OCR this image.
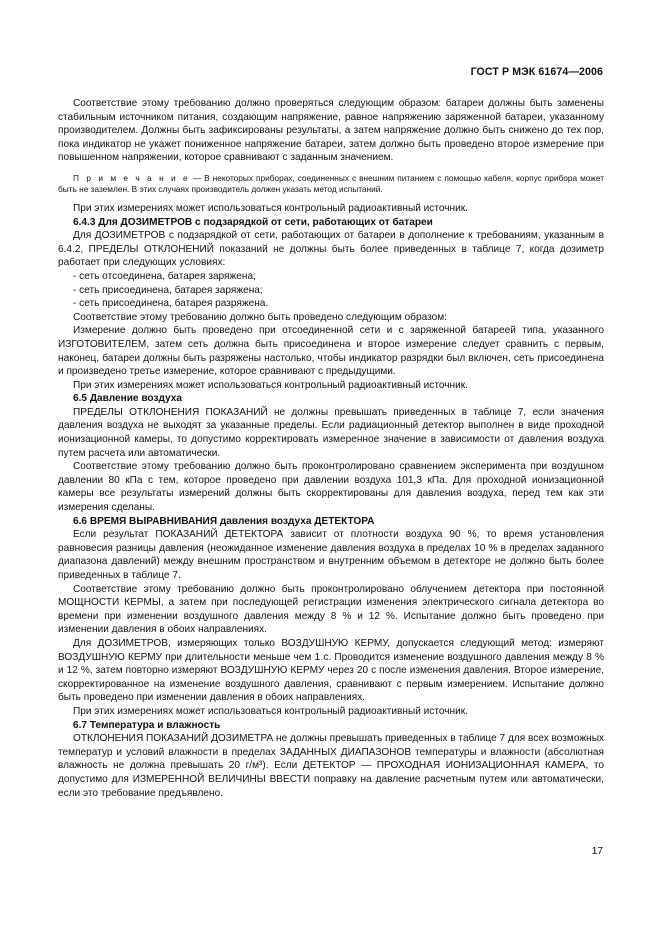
ГОСТ Р МЭК 61674—2006

Соответствие этому требованию должно проверяться следующим образом: батареи должны быть заменены стабильным источником питания, создающим напряжение, равное напряжению заряженной батареи, указанному производителем. Должны быть зафиксированы результаты, а затем напряжение должно быть снижено до тех пор, пока индикатор не укажет пониженное напряжение батареи, затем должно быть проведено второе измерение при повышенном напряжении, которое сравнивают с заданным значением.

П р и м е ч а н и е — В некоторых приборах, соединенных с внешним питанием с помощью кабеля, корпус прибора может быть не заземлен. В этих случаях производитель должен указать метод испытаний.

При этих измерениях может использоваться контрольный радиоактивный источник.

6.4.3 Для ДОЗИМЕТРОВ с подзарядкой от сети, работающих от батареи

Для ДОЗИМЕТРОВ с подзарядкой от сети, работающих от батареи в дополнение к требованиям, указанным в 6.4.2, ПРЕДЕЛЫ ОТКЛОНЕНИЙ показаний не должны быть более приведенных в таблице 7, когда дозиметр работает при следующих условиях:

- сеть отсоединена, батарея заряжена;

- сеть присоединена, батарея заряжена;

- сеть присоединена, батарея разряжена.

Соответствие этому требованию должно быть проведено следующим образом:

Измерение должно быть проведено при отсоединенной сети и с заряженной батареей типа, указанного ИЗГОТОВИТЕЛЕМ, затем сеть должна быть присоединена и второе измерение следует сравнить с первым, наконец, батареи должны быть разряжены настолько, чтобы индикатор разрядки был включен, сеть присоединена и произведено третье измерение, которое сравнивают с предыдущими.

При этих измерениях может использоваться контрольный радиоактивный источник.

6.5 Давление воздуха

ПРЕДЕЛЫ ОТКЛОНЕНИЯ ПОКАЗАНИЙ не должны превышать приведенных в таблице 7, если значения давления воздуха не выходят за указанные пределы. Если радиационный детектор выполнен в виде проходной ионизационной камеры, то допустимо корректировать измеренное значение в зависимости от давления воздуха путем расчета или автоматически.

Соответствие этому требованию должно быть проконтролировано сравнением эксперимента при воздушном давлении 80 кПа с тем, которое проведено при давлении воздуха 101,3 кПа. Для проходной ионизационной камеры все результаты измерений должны быть скорректированы для давления воздуха, перед тем как эти измерения сделаны.

6.6 ВРЕМЯ ВЫРАВНИВАНИЯ давления воздуха ДЕТЕКТОРА

Если результат ПОКАЗАНИЙ ДЕТЕКТОРА зависит от плотности воздуха 90 %, то время установления равновесия разницы давления (неожиданное изменение давления воздуха в пределах 10 % в пределах заданного диапазона давлений) между внешним пространством и внутренним объемом в детекторе не должно быть более приведенных в таблице 7.

Соответствие этому требованию должно быть проконтролировано облучением детектора при постоянной МОЩНОСТИ КЕРМЫ, а затем при последующей регистрации изменения электрического сигнала детектора во времени при изменении воздушного давления между 8 % и 12 %. Испытание должно быть проведено при изменении давления в обоих направлениях.

Для ДОЗИМЕТРОВ, измеряющих только ВОЗДУШНУЮ КЕРМУ, допускается следующий метод: измеряют ВОЗДУШНУЮ КЕРМУ при длительности меньше чем 1 с. Проводится изменение воздушного давления между 8 % и 12 %, затем повторно измеряют ВОЗДУШНУЮ КЕРМУ через 20 с после изменения давления. Второе измерение, скорректированное на изменение воздушного давления, сравнивают с первым измерением. Испытание должно быть проведено при изменении давления в обоих направлениях.

При этих измерениях может использоваться контрольный радиоактивный источник.

6.7 Температура и влажность

ОТКЛОНЕНИЯ ПОКАЗАНИЙ ДОЗИМЕТРА не должны превышать приведенных в таблице 7 для всех возможных температур и условий влажности в пределах ЗАДАННЫХ ДИАПАЗОНОВ температуры и влажности (абсолютная влажность не должна превышать 20 г/м³). Если ДЕТЕКТОР — ПРОХОДНАЯ ИОНИЗАЦИОННАЯ КАМЕРА, то допустимо для ИЗМЕРЕННОЙ ВЕЛИЧИНЫ ВВЕСТИ поправку на давление расчетным путем или автоматически, если это требование предъявлено.

17
